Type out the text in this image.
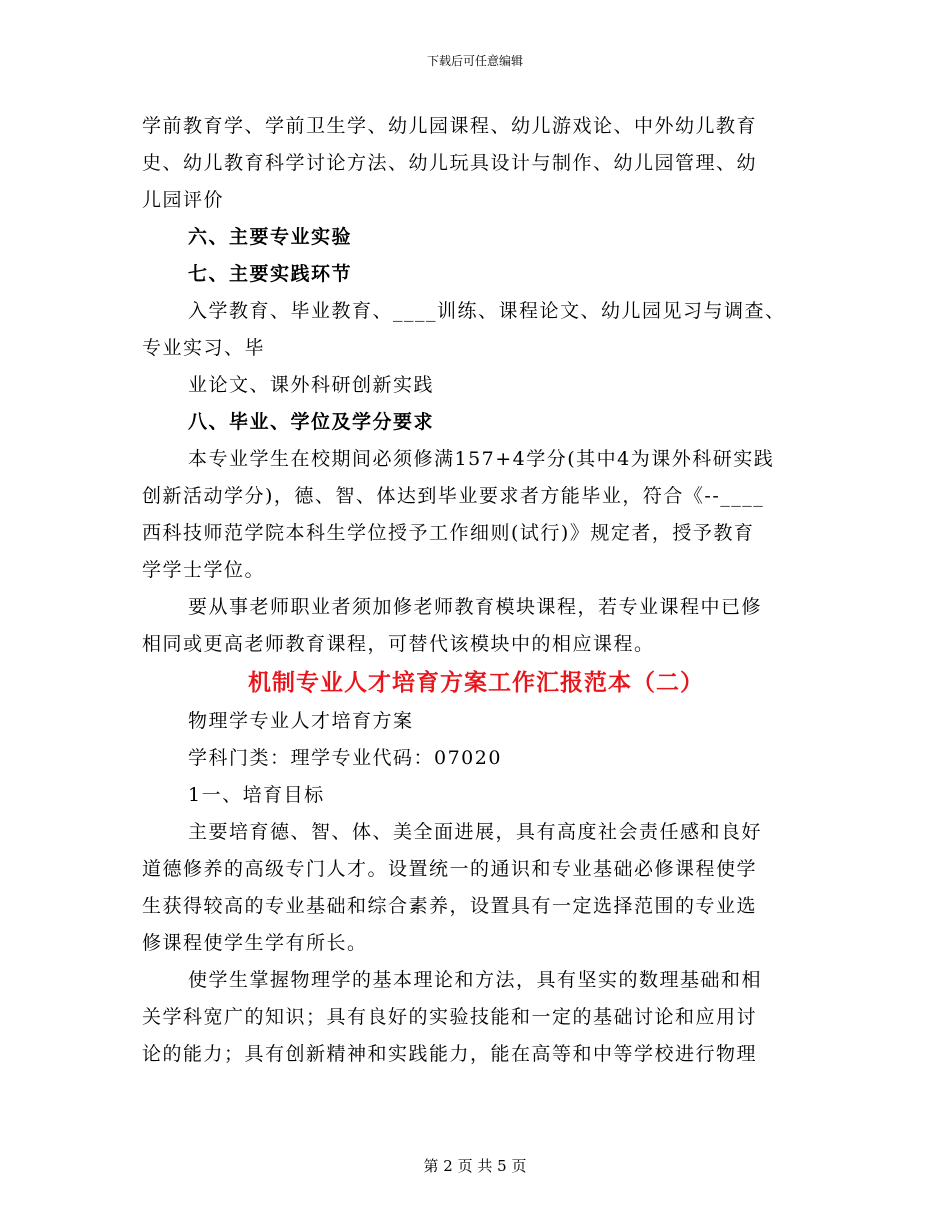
下载后可任意编辑
学前教育学、学前卫生学、幼儿园课程、幼儿游戏论、中外幼儿教育
史、幼儿教育科学讨论方法、幼儿玩具设计与制作、幼儿园管理、幼
儿园评价
六、主要专业实验
七、主要实践环节
入学教育、毕业教育、____训练、课程论文、幼儿园见习与调查、
专业实习、毕
业论文、课外科研创新实践
八、毕业、学位及学分要求
本专业学生在校期间必须修满157+4学分(其中4为课外科研实践
创新活动学分)，德、智、体达到毕业要求者方能毕业，符合《--____
西科技师范学院本科生学位授予工作细则(试行)》规定者，授予教育
学学士学位。
要从事老师职业者须加修老师教育模块课程，若专业课程中已修
相同或更高老师教育课程，可替代该模块中的相应课程。
机制专业人才培育方案工作汇报范本（二）
物理学专业人才培育方案
学科门类：理学专业代码：07020
1一、培育目标
主要培育德、智、体、美全面进展，具有高度社会责任感和良好
道德修养的高级专门人才。设置统一的通识和专业基础必修课程使学
生获得较高的专业基础和综合素养，设置具有一定选择范围的专业选
修课程使学生学有所长。
使学生掌握物理学的基本理论和方法，具有坚实的数理基础和相
关学科宽广的知识；具有良好的实验技能和一定的基础讨论和应用讨
论的能力；具有创新精神和实践能力，能在高等和中等学校进行物理
第 2 页 共 5 页
